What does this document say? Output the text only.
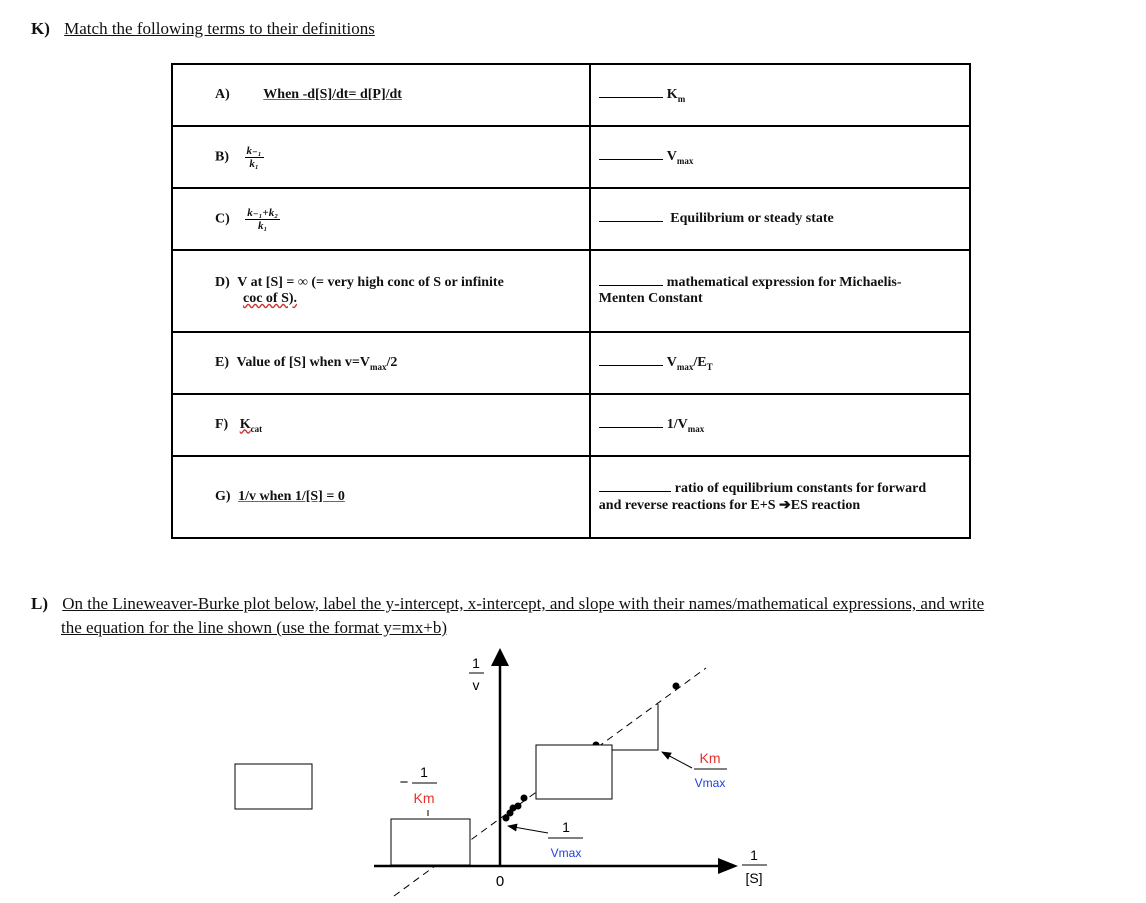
K) Match the following terms to their definitions
A) When -d[S]/dt= d[P]/dt	$K_m$
$B) \frac{\text{k₋₁}}{\text{k₁}}$	$V_{max}$
$C) \frac{\text{k₋₁+k₂}}{\text{k₁}}$	Equilibrium or steady state
D) V at [S] = ∞ (= very high conc of S or infinite
coc of S).	mathematical expression for Michaelis-
Menten Constant
E) Value of [S] when $v=V_{max}/2$	$V_{max}/E_T$
F) $K_{cat}$	$1/V_{max}$
G) 1/v when 1/[S] = 0	ratio of equilibrium constants for forward
and reverse reactions for E+S ➔ES reaction
L) On the Lineweaver-Burke plot below, label the y-intercept, x-intercept, and slope with their names/mathematical expressions, and write
the equation for the line shown (use the format y=mx+b)
1
v
1
[S]
0
−
1
Km
1
Vmax
Km
Vmax
